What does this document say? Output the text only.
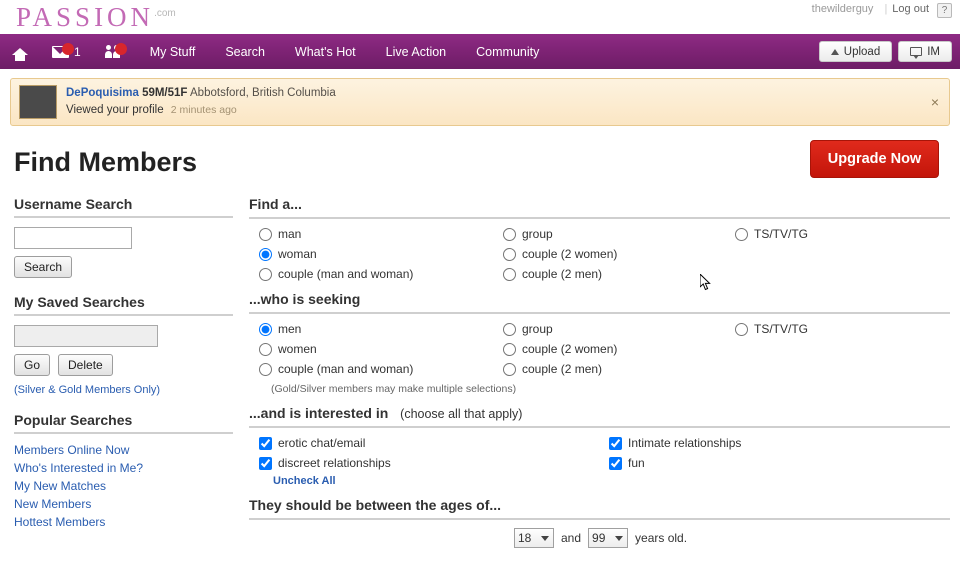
thewilderguy | Log out	?
$PASSION^{.com}$
1	My Stuff	Search	What's Hot	Live Action	Community	Upload	IM
DePoquisima 59M/51F Abbotsford, British Columbia
Viewed your profile 2 minutes ago	×
Find Members	Upgrade Now
Username Search
Search
My Saved Searches
Go	Delete
(Silver & Gold Members Only)
Popular Searches
Members Online Now
Who's Interested in Me?
My New Matches
New Members
Hottest Members
Find a...
man	group	TS/TV/TG
woman	couple (2 women)
couple (man and woman)	couple (2 men)
...who is seeking
men	group	TS/TV/TG
women	couple (2 women)
couple (man and woman)	couple (2 men)
(Gold/Silver members may make multiple selections)
...and is interested in (choose all that apply)
erotic chat/email	Intimate relationships
discreet relationships	fun
Uncheck All
They should be between the ages of...
18 and 99 years old.
